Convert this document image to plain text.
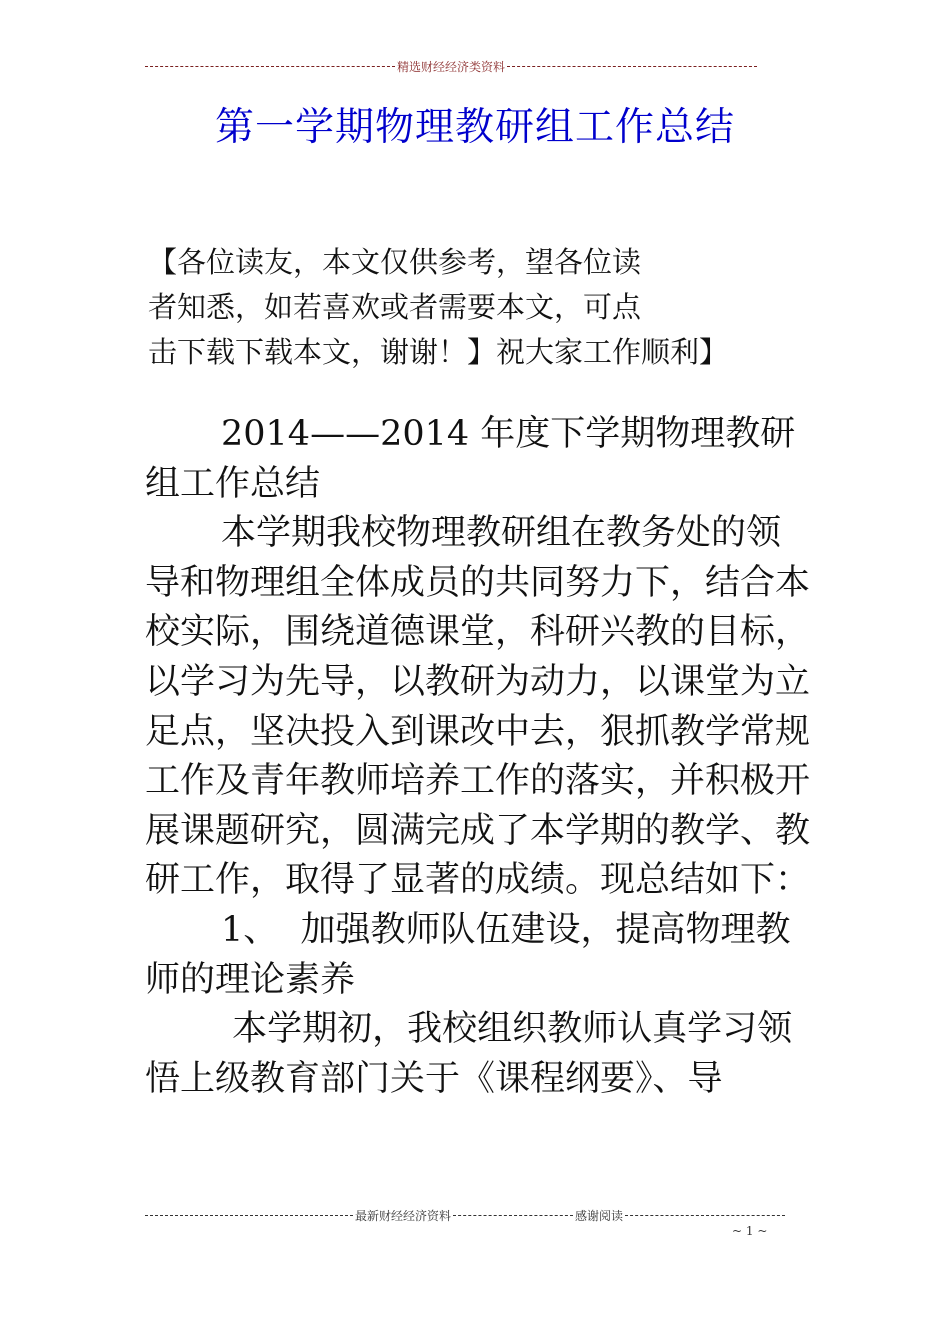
精选财经经济类资料
第一学期物理教研组工作总结
【各位读友，本文仅供参考，望各位读
者知悉，如若喜欢或者需要本文，可点
击下载下载本文，谢谢！】祝大家工作顺利】

2014——2014 年度下学期物理教研组工作总结

本学期我校物理教研组在教务处的领导和物理组全体成员的共同努力下，结合本校实际，围绕道德课堂，科研兴教的目标，以学习为先导，以教研为动力，以课堂为立足点，坚决投入到课改中去，狠抓教学常规工作及青年教师培养工作的落实，并积极开展课题研究，圆满完成了本学期的教学、教研工作，取得了显著的成绩。现总结如下：

1、  加强教师队伍建设，提高物理教师的理论素养

本学期初，我校组织教师认真学习领悟上级教育部门关于《课程纲要》、导

最新财经经济资料	感谢阅读
~ 1 ~
